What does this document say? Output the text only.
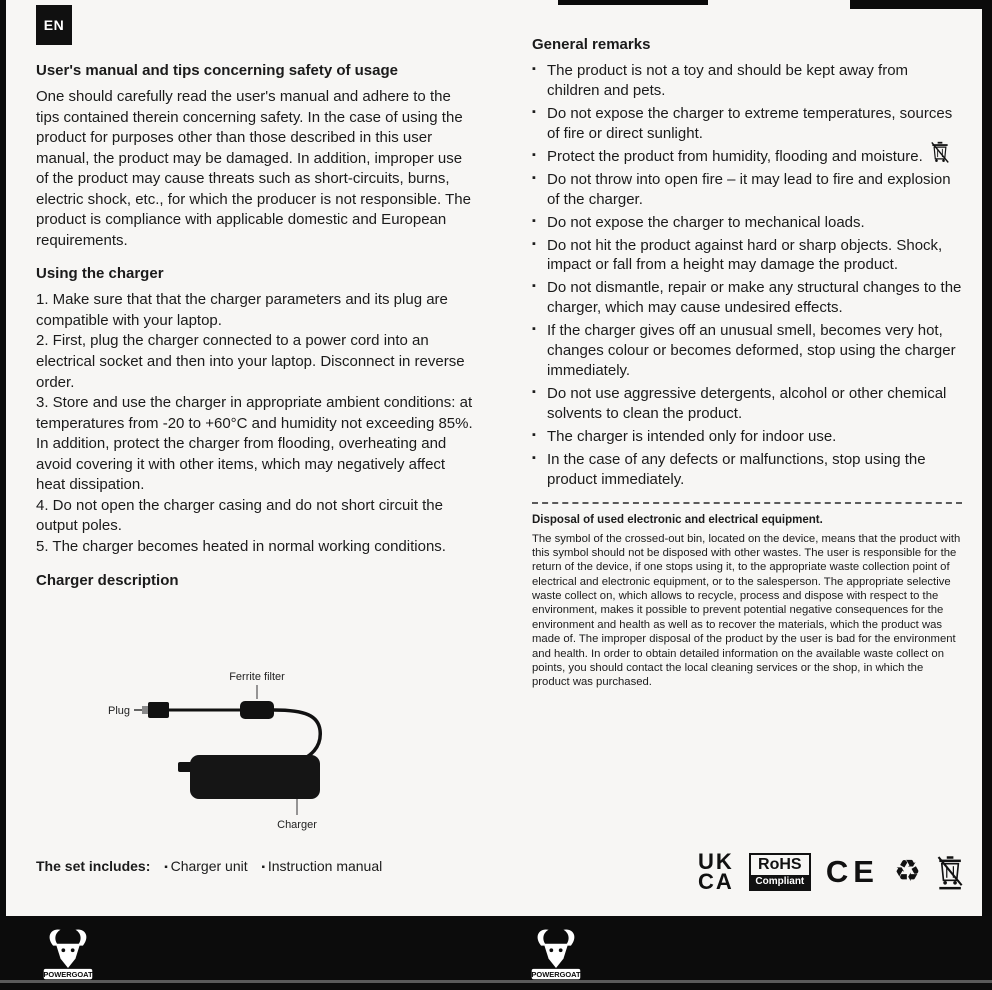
EN
User's manual and tips concerning safety of usage

One should carefully read the user's manual and adhere to the tips contained therein concerning safety. In the case of using the product for purposes other than those described in this user manual, the product may be damaged. In addition, improper use of the product may cause threats such as short-circuits, burns, electric shock, etc., for which the producer is not responsible. The product is compliance with applicable domestic and European requirements.

Using the charger

1. Make sure that that the charger parameters and its plug are compatible with your laptop.

2. First, plug the charger connected to a power cord into an electrical socket and then into your laptop. Disconnect in reverse order.

3. Store and use the charger in appropriate ambient conditions: at temperatures from -20 to +60°C and humidity not exceeding 85%. In addition, protect the charger from flooding, overheating and avoid covering it with other items, which may negatively affect heat dissipation.

4. Do not open the charger casing and do not short circuit the output poles.

5. The charger becomes heated in normal working conditions.

Charger description
Ferrite filter
Plug
Charger
The set includes: ▪ Charger unit ▪ Instruction manual
General remarks
▪ The product is not a toy and should be kept away from children and pets.
▪ Do not expose the charger to extreme temperatures, sources of fire or direct sunlight.
▪ Protect the product from humidity, flooding and moisture.
▪ Do not throw into open fire – it may lead to fire and explosion of the charger.
▪ Do not expose the charger to mechanical loads.
▪ Do not hit the product against hard or sharp objects. Shock, impact or fall from a height may damage the product.
▪ Do not dismantle, repair or make any structural changes to the charger, which may cause undesired effects.
▪ If the charger gives off an unusual smell, becomes very hot, changes colour or becomes deformed, stop using the charger immediately.
▪ Do not use aggressive detergents, alcohol or other chemical solvents to clean the product.
▪ The charger is intended only for indoor use.
▪ In the case of any defects or malfunctions, stop using the product immediately.

Disposal of used electronic and electrical equipment.

The symbol of the crossed-out bin, located on the device, means that the product with this symbol should not be disposed with other wastes. The user is responsible for the return of the device, if one stops using it, to the appropriate waste collection point of electrical and electronic equipment, or to the salesperson. The appropriate selective waste collect on, which allows to recycle, process and dispose with respect to the environment, makes it possible to prevent potential negative consequences for the environment and health as well as to recover the materials, which the product was made of. The improper disposal of the product by the user is bad for the environment and health. In order to obtain detailed information on the available waste collect on points, you should contact the local cleaning services or the shop, in which the product was purchased.

UK
CA
RoHS
Compliant CE ♻
POWERGOAT	POWERGOAT
